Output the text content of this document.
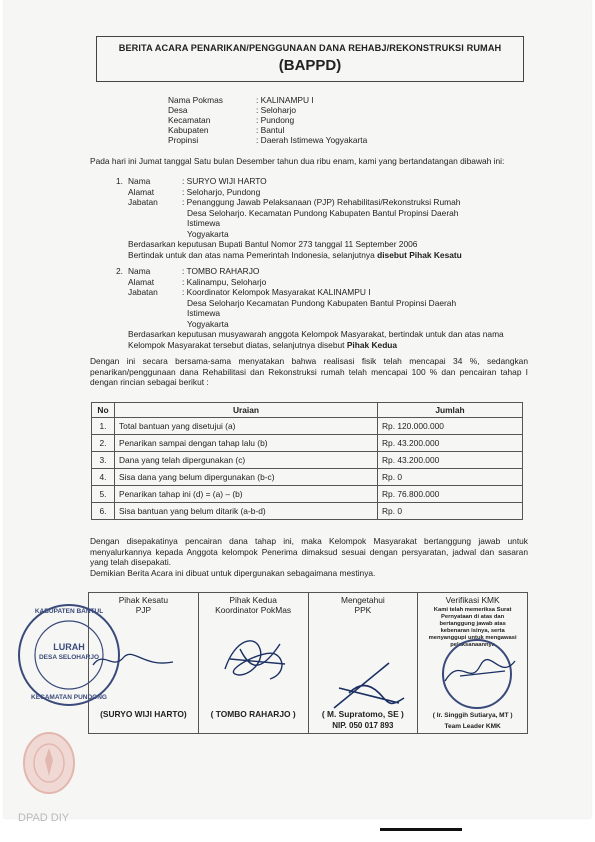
BERITA ACARA PENARIKAN/PENGGUNAAN DANA REHABJ/REKONSTRUKSI RUMAH
(BAPPD)
Nama Pokmas	: KALINAMPU I
Desa	: Seloharjo
Kecamatan	: Pundong
Kabupaten	: Bantul
Propinsi	: Daerah Istimewa Yogyakarta
Pada hari ini Jumat tanggal Satu bulan Desember tahun dua ribu enam, kami yang bertandatangan dibawah ini:
1. Nama	: SURYO WIJI HARTO
Alamat	: Seloharjo, Pundong
Jabatan	: Penanggung Jawab Pelaksanaan (PJP) Rehabilitasi/Rekonstruksi Rumah
Desa Seloharjo. Kecamatan Pundong Kabupaten Bantul Propinsi Daerah Istimewa
Yogyakarta
Berdasarkan keputusan Bupati Bantul Nomor 273 tanggal 11 September 2006
Bertindak untuk dan atas nama Pemerintah Indonesia, selanjutnya disebut Pihak Kesatu
2. Nama	: TOMBO RAHARJO
Alamat	: Kalinampu, Seloharjo
Jabatan	: Koordinator Kelompok Masyarakat KALINAMPU I
Desa Seloharjo Kecamatan Pundong Kabupaten Bantul Propinsi Daerah Istimewa
Yogyakarta
Berdasarkan keputusan musyawarah anggota Kelompok Masyarakat, bertindak untuk dan atas nama
Kelompok Masyarakat tersebut diatas, selanjutnya disebut Pihak Kedua
Dengan ini secara bersama-sama menyatakan bahwa realisasi fisik telah mencapai 34 %, sedangkan penarikan/penggunaan dana Rehabilitasi dan Rekonstruksi rumah telah mencapai 100 % dan pencairan tahap I dengan rincian sebagai berikut :
No	Uraian	Jumlah
1.	Total bantuan yang disetujui (a)	Rp. 120.000.000
2.	Penarikan sampai dengan tahap lalu (b)	Rp. 43.200.000
3.	Dana yang telah dipergunakan (c)	Rp. 43.200.000
4.	Sisa dana yang belum dipergunakan (b-c)	Rp. 0
5.	Penarikan tahap ini (d) = (a) – (b)	Rp. 76.800.000
6.	Sisa bantuan yang belum ditarik (a-b-d)	Rp. 0
Dengan disepakatinya pencairan dana tahap ini, maka Kelompok Masyarakat bertanggung jawab untuk menyalurkannya kepada Anggota kelompok Penerima dimaksud sesuai dengan persyaratan, jadwal dan sasaran yang telah disepakati.
Demikian Berita Acara ini dibuat untuk dipergunakan sebagaimana mestinya.
Pihak Kesatu
PJP
(SURYO WIJI HARTO)
Pihak Kedua
Koordinator PokMas
( TOMBO RAHARJO )
Mengetahui
PPK
( M. Supratomo, SE )
NIP. 050 017 893
Verifikasi KMK
Kami telah memeriksa Surat Pernyataan di atas dan bertanggung jawab atas kebenaran isinya, serta menyanggupi untuk mengawasi pelaksanaannya
( Ir. Singgih Sutiarya, MT )
Team Leader KMK
KABUPATEN BANTUL
LURAH
DESA SELOHARJO
KECAMATAN PUNDONG
DPAD DIY
